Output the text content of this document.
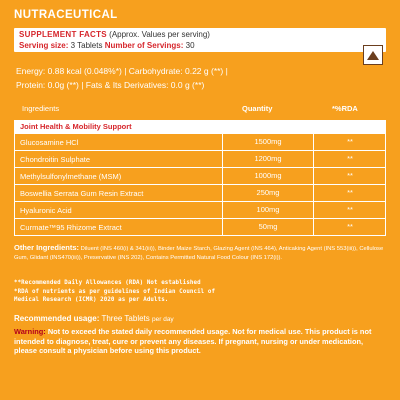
NUTRACEUTICAL
SUPPLEMENT FACTS (Approx. Values per serving)
Serving size: 3 Tablets Number of Servings: 30
Energy: 0.88 kcal (0.048%*) | Carbohydrate: 0.22 g (**) |
Protein: 0.0g (**) | Fats & Its Derivatives: 0.0 g (**)
Ingredients	Quantity	*%RDA
Joint Health & Mobility Support
Glucosamine HCl	1500mg	**
Chondroitin Sulphate	1200mg	**
Methylsulfonylmethane (MSM)	1000mg	**
Boswellia Serrata Gum Resin Extract	250mg	**
Hyaluronic Acid	100mg	**
Curmate™95 Rhizome Extract	50mg	**
Other Ingredients: Diluent (INS 460(i) & 341(iii)), Binder Maize Starch, Glazing Agent (INS 464), Anticaking Agent (INS 553(iii)), Cellulose Gum, Glidant (INS470(iii)), Preservative (INS 202), Contains Permitted Natural Food Colour (INS 172(i)).
**Recommended Daily Allowances (RDA) Not established
*RDA of nutrients as per guidelines of Indian Council of
Medical Research (ICMR) 2020 as per Adults.
Recommended usage: Three Tablets per day
Warning: Not to exceed the stated daily recommended usage. Not for medical use. This product is not intended to diagnose, treat, cure or prevent any diseases. If pregnant, nursing or under medication, please consult a physician before using this product.
